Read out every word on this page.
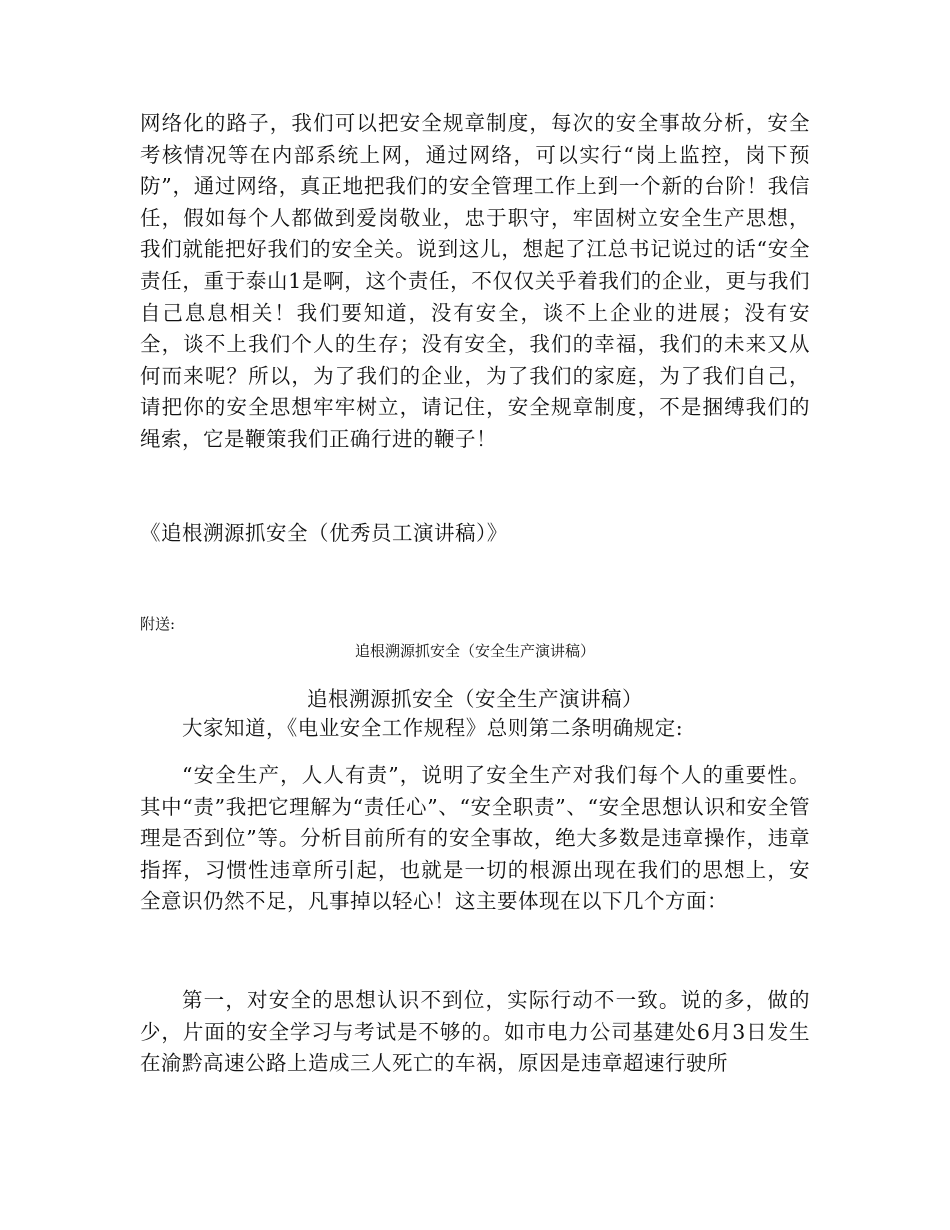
网络化的路子，我们可以把安全规章制度，每次的安全事故分析，安全考核情况等在内部系统上网，通过网络，可以实行“岗上监控，岗下预防”，通过网络，真正地把我们的安全管理工作上到一个新的台阶！我信任，假如每个人都做到爱岗敬业，忠于职守，牢固树立安全生产思想，我们就能把好我们的安全关。说到这儿，想起了江总书记说过的话“安全责任，重于泰山1是啊，这个责任，不仅仅关乎着我们的企业，更与我们自己息息相关！我们要知道，没有安全，谈不上企业的进展；没有安全，谈不上我们个人的生存；没有安全，我们的幸福，我们的未来又从何而来呢？所以，为了我们的企业，为了我们的家庭，为了我们自己，请把你的安全思想牢牢树立，请记住，安全规章制度，不是捆缚我们的绳索，它是鞭策我们正确行进的鞭子！

《追根溯源抓安全（优秀员工演讲稿）》

附送:

追根溯源抓安全（安全生产演讲稿）

追根溯源抓安全（安全生产演讲稿）

大家知道，《电业安全工作规程》总则第二条明确规定:

“安全生产，人人有责”，说明了安全生产对我们每个人的重要性。其中“责”我把它理解为“责任心”、“安全职责”、“安全思想认识和安全管理是否到位”等。分析目前所有的安全事故，绝大多数是违章操作，违章指挥，习惯性违章所引起，也就是一切的根源出现在我们的思想上，安全意识仍然不足，凡事掉以轻心！这主要体现在以下几个方面：

第一，对安全的思想认识不到位，实际行动不一致。说的多，做的少，片面的安全学习与考试是不够的。如市电力公司基建处6月3日发生在渝黔高速公路上造成三人死亡的车祸，原因是违章超速行驶所
